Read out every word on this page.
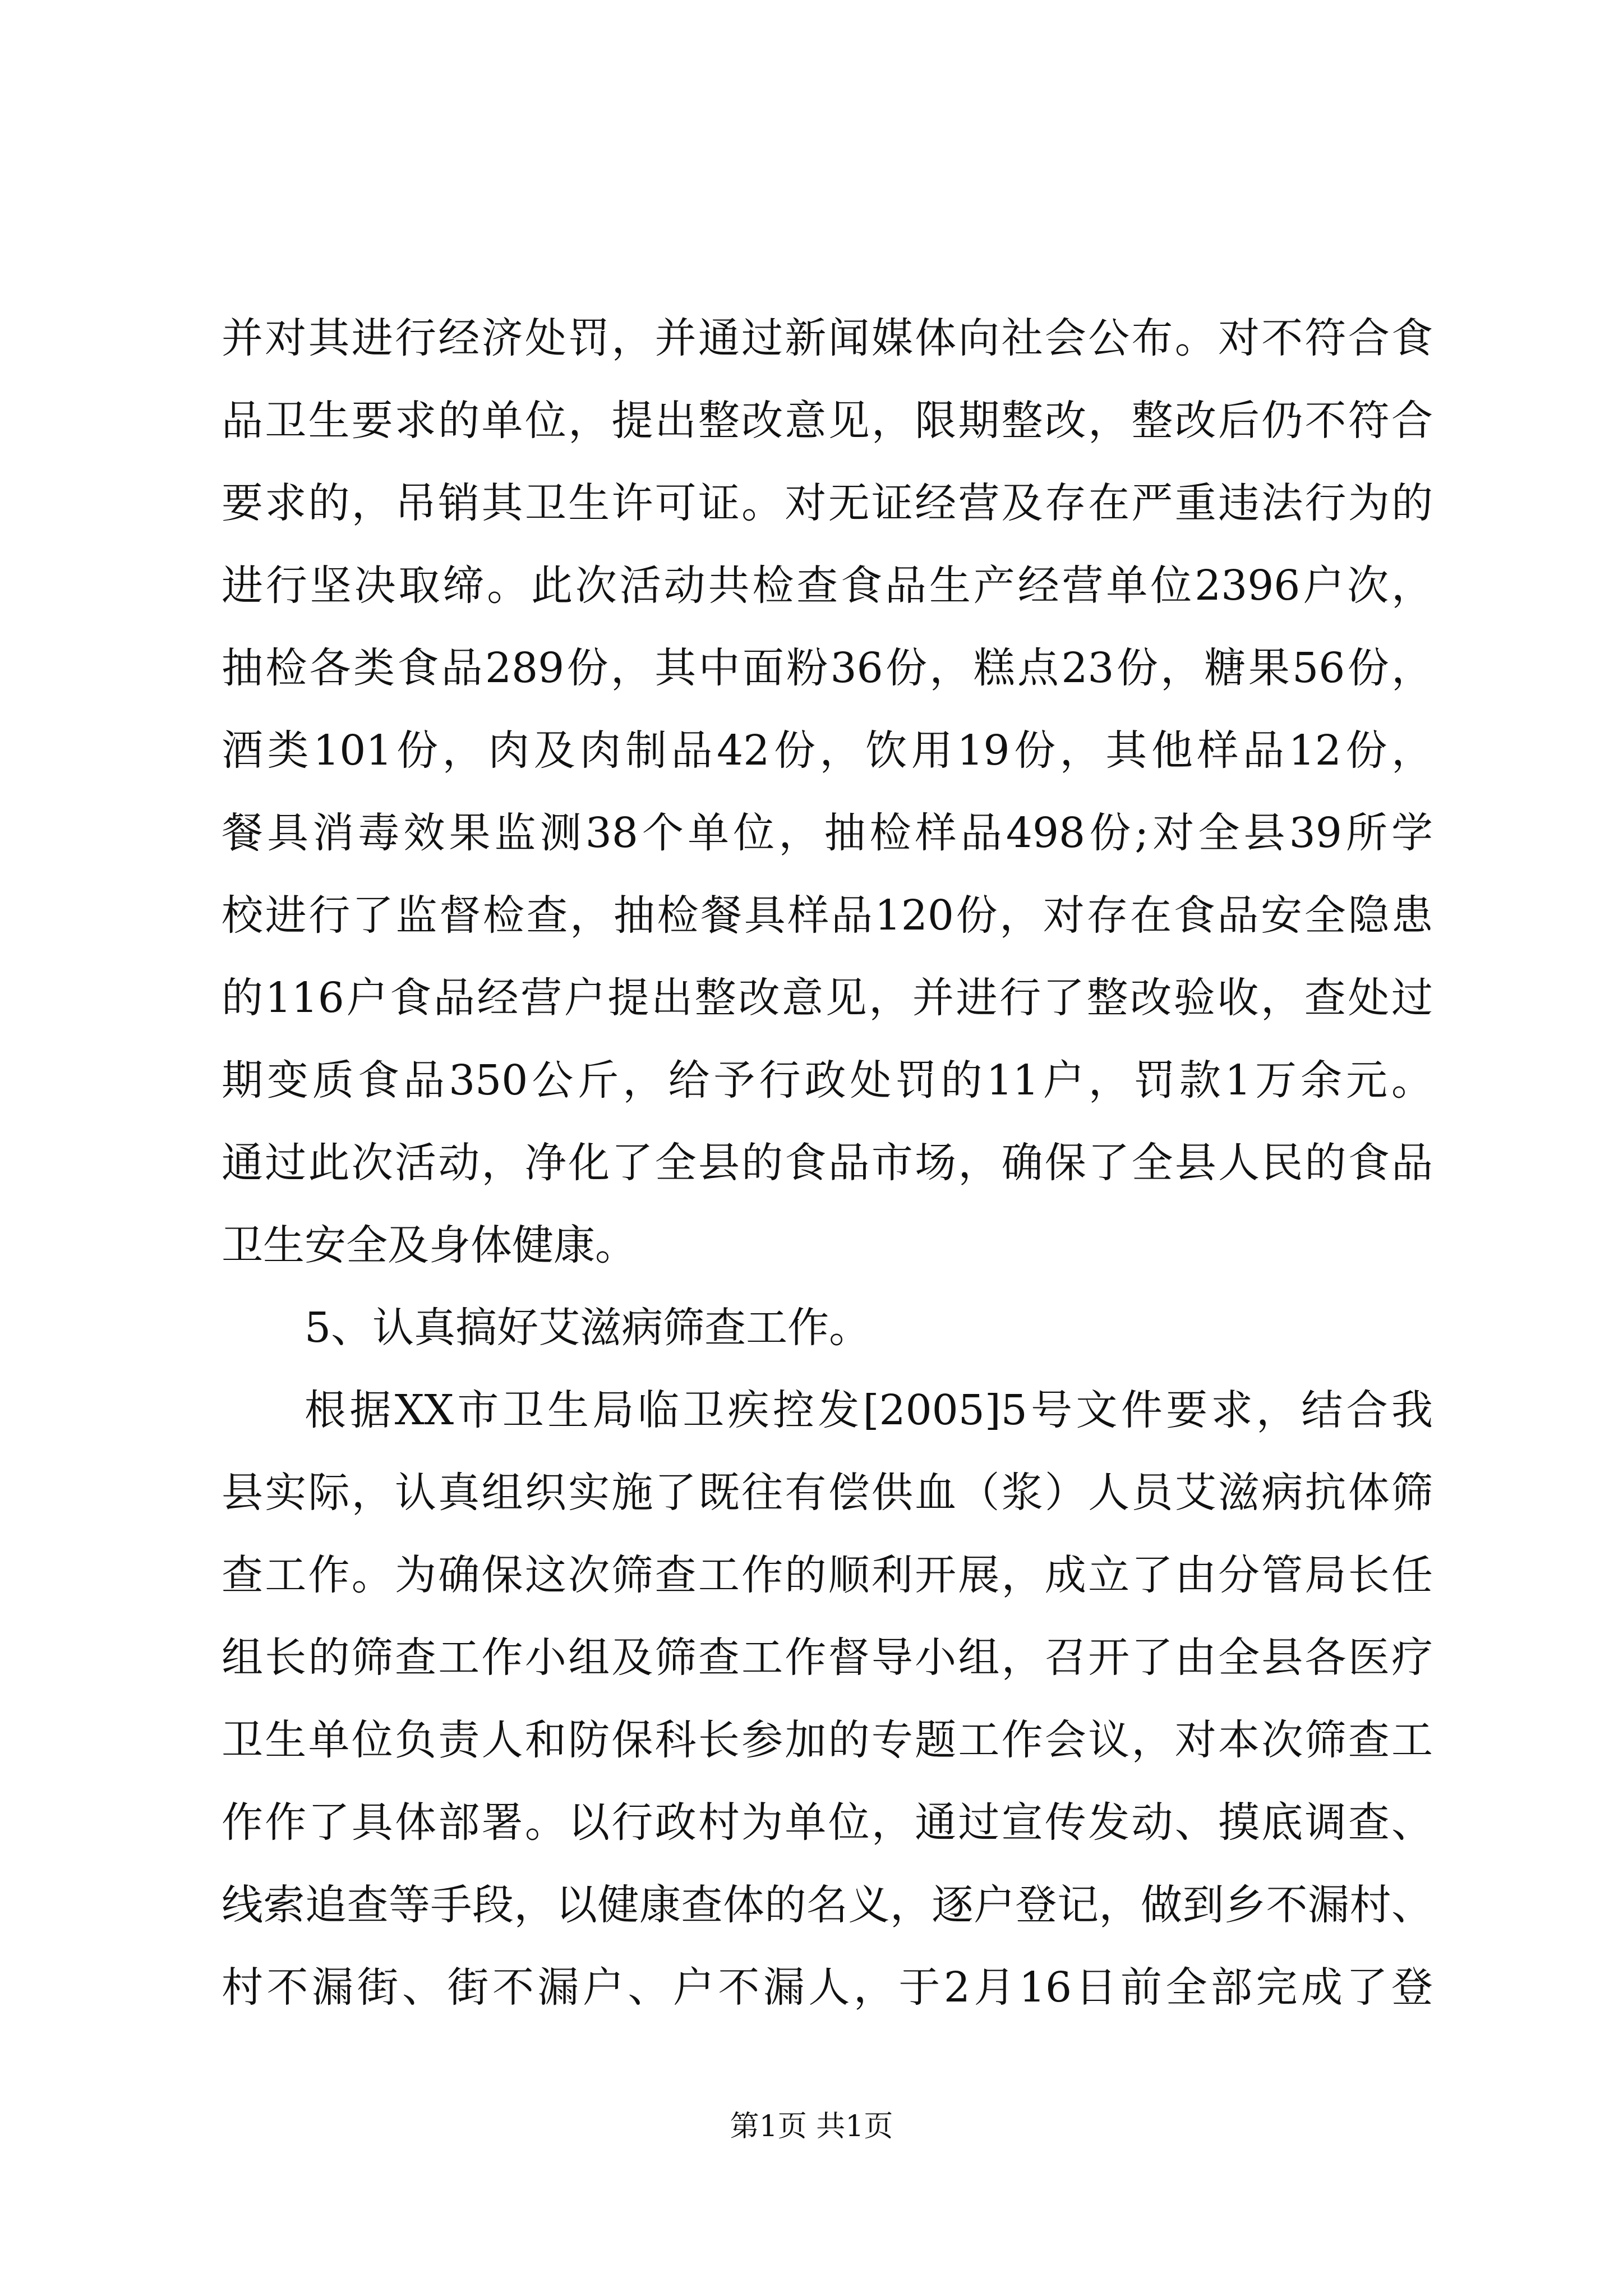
并对其进行经济处罚，并通过新闻媒体向社会公布。对不符合食
品卫生要求的单位，提出整改意见，限期整改，整改后仍不符合
要求的，吊销其卫生许可证。对无证经营及存在严重违法行为的
进行坚决取缔。此次活动共检查食品生产经营单位2396户次，
抽检各类食品289份，其中面粉36份，糕点23份，糖果56份，
酒类101份，肉及肉制品42份，饮用19份，其他样品12份，
餐具消毒效果监测38个单位，抽检样品498份;对全县39所学
校进行了监督检查，抽检餐具样品120份，对存在食品安全隐患
的116户食品经营户提出整改意见，并进行了整改验收，查处过
期变质食品350公斤，给予行政处罚的11户，罚款1万余元。
通过此次活动，净化了全县的食品市场，确保了全县人民的食品
卫生安全及身体健康。
5、认真搞好艾滋病筛查工作。
根据XX市卫生局临卫疾控发[2005]5号文件要求，结合我
县实际，认真组织实施了既往有偿供血（浆）人员艾滋病抗体筛
查工作。为确保这次筛查工作的顺利开展，成立了由分管局长任
组长的筛查工作小组及筛查工作督导小组，召开了由全县各医疗
卫生单位负责人和防保科长参加的专题工作会议，对本次筛查工
作作了具体部署。以行政村为单位，通过宣传发动、摸底调查、
线索追查等手段，以健康查体的名义，逐户登记，做到乡不漏村、
村不漏街、街不漏户、户不漏人，于2月16日前全部完成了登
第1页 共1页
